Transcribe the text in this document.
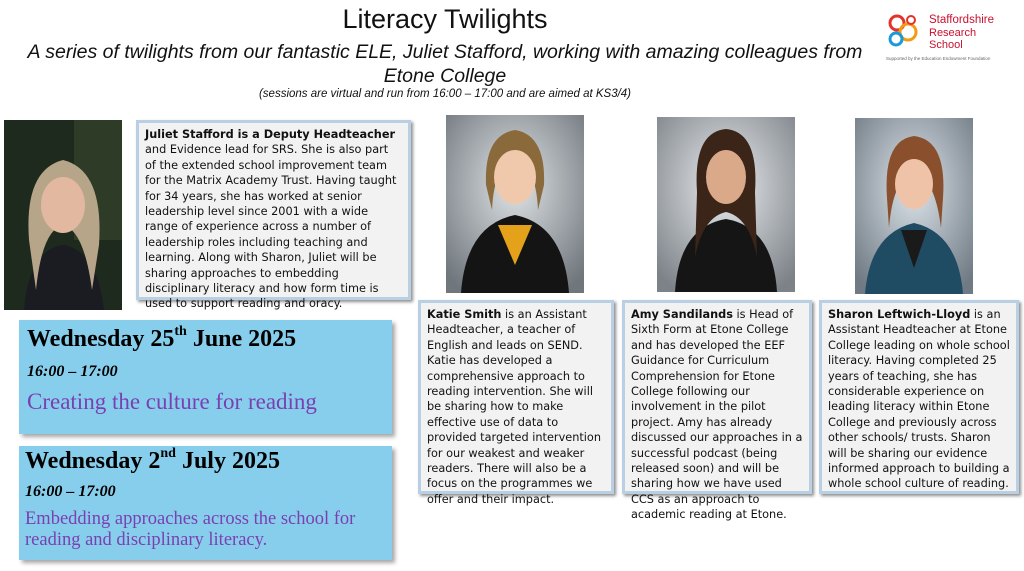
Literacy Twilights
A series of twilights from our fantastic ELE, Juliet Stafford, working with amazing colleagues from Etone College
(sessions are virtual and run from 16:00 – 17:00 and are aimed at KS3/4)
Staffordshire
Research
School
Supported by the Education Endowment Foundation
Juliet Stafford is a Deputy Headteacher and Evidence lead for SRS. She is also part of the extended school improvement team for the Matrix Academy Trust. Having taught for 34 years, she has worked at senior leadership level since 2001 with a wide range of experience across a number of leadership roles including teaching and learning. Along with Sharon, Juliet will be sharing approaches to embedding disciplinary literacy and how form time is used to support reading and oracy.
Katie Smith is an Assistant Headteacher, a teacher of English and leads on SEND. Katie has developed a comprehensive approach to reading intervention. She will be sharing how to make effective use of data to provided targeted intervention for our weakest and weaker readers. There will also be a focus on the programmes we offer and their impact.
Amy Sandilands is Head of Sixth Form at Etone College and has developed the EEF Guidance for Curriculum Comprehension for Etone College following our involvement in the pilot project. Amy has already discussed our approaches in a successful podcast (being released soon) and will be sharing how we have used CCS as an approach to academic reading at Etone.
Sharon Leftwich-Lloyd is an Assistant Headteacher at Etone College leading on whole school literacy. Having completed 25 years of teaching, she has considerable experience on leading literacy within Etone College and previously across other schools/ trusts. Sharon will be sharing our evidence informed approach to building a whole school culture of reading.
Wednesday 25th June 2025
16:00 – 17:00
Creating the culture for reading
Wednesday 2nd July 2025
16:00 – 17:00
Embedding approaches across the school for reading and disciplinary literacy.
